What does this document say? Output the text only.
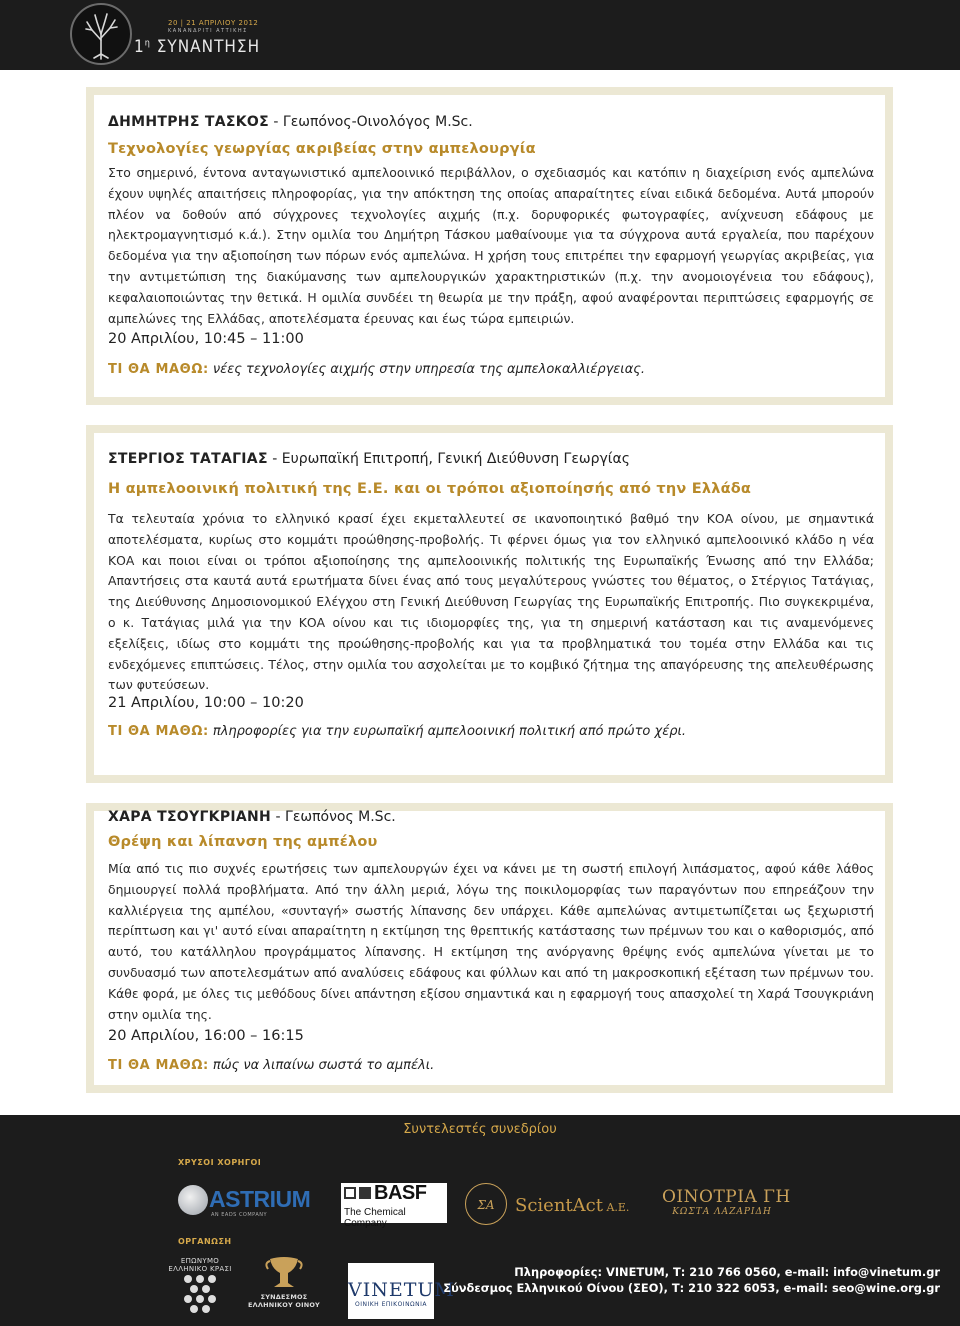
20 | 21 ΑΠΡΙΛΙΟΥ 2012
ΚΑΝΑΝΔΡΙΤΙ ΑΤΤΙΚΗΣ
$1^\eta$ ΣΥΝΑΝΤΗΣΗ
ΔΗΜΗΤΡΗΣ ΤΑΣΚΟΣ - Γεωπόνος-Οινολόγος M.Sc.
Τεχνολογίες γεωργίας ακριβείας στην αμπελουργία

Στο σημερινό, έντονα ανταγωνιστικό αμπελοοινικό περιβάλλον, ο σχεδιασμός και κατόπιν η διαχείριση ενός αμπελώνα έχουν υψηλές απαιτήσεις πληροφορίας, για την απόκτηση της οποίας απαραίτητες είναι ειδικά δεδομένα. Αυτά μπορούν πλέον να δοθούν από σύγχρονες τεχνολογίες αιχμής (π.χ. δορυφορικές φωτογραφίες, ανίχνευση εδάφους με ηλεκτρομαγνητισμό κ.ά.). Στην ομιλία του Δημήτρη Τάσκου μαθαίνουμε για τα σύγχρονα αυτά εργαλεία, που παρέχουν δεδομένα για την αξιοποίηση των πόρων ενός αμπελώνα. Η χρήση τους επιτρέπει την εφαρμογή γεωργίας ακριβείας, για την αντιμετώπιση της διακύμανσης των αμπελουργικών χαρακτηριστικών (π.χ. την ανομοιογένεια του εδάφους), κεφαλαιοποιώντας την θετικά. Η ομιλία συνδέει τη θεωρία με την πράξη, αφού αναφέρονται περιπτώσεις εφαρμογής σε αμπελώνες της Ελλάδας, αποτελέσματα έρευνας και έως τώρα εμπειριών.

20 Απριλίου, 10:45 – 11:00
ΤΙ ΘΑ ΜΑΘΩ: νέες τεχνολογίες αιχμής στην υπηρεσία της αμπελοκαλλιέργειας.
ΣΤΕΡΓΙΟΣ ΤΑΤΑΓΙΑΣ - Ευρωπαϊκή Επιτροπή, Γενική Διεύθυνση Γεωργίας
Η αμπελοοινική πολιτική της Ε.Ε. και οι τρόποι αξιοποίησής από την Ελλάδα

Τα τελευταία χρόνια το ελληνικό κρασί έχει εκμεταλλευτεί σε ικανοποιητικό βαθμό την ΚΟΑ οίνου, με σημαντικά αποτελέσματα, κυρίως στο κομμάτι προώθησης-προβολής. Τι φέρνει όμως για τον ελληνικό αμπελοοινικό κλάδο η νέα ΚΟΑ και ποιοι είναι οι τρόποι αξιοποίησης της αμπελοοινικής πολιτικής της Ευρωπαϊκής Ένωσης από την Ελλάδα; Απαντήσεις στα καυτά αυτά ερωτήματα δίνει ένας από τους μεγαλύτερους γνώστες του θέματος, ο Στέργιος Τατάγιας, της Διεύθυνσης Δημοσιονομικού Ελέγχου στη Γενική Διεύθυνση Γεωργίας της Ευρωπαϊκής Επιτροπής. Πιο συγκεκριμένα, ο κ. Τατάγιας μιλά για την ΚΟΑ οίνου και τις ιδιομορφίες της, για τη σημερινή κατάσταση και τις αναμενόμενες εξελίξεις, ιδίως στο κομμάτι της προώθησης-προβολής και για τα προβληματικά του τομέα στην Ελλάδα και τις ενδεχόμενες επιπτώσεις. Τέλος, στην ομιλία του ασχολείται με το κομβικό ζήτημα της απαγόρευσης της απελευθέρωσης των φυτεύσεων.

21 Απριλίου, 10:00 – 10:20
ΤΙ ΘΑ ΜΑΘΩ: πληροφορίες για την ευρωπαϊκή αμπελοοινική πολιτική από πρώτο χέρι.
ΧΑΡΑ ΤΣΟΥΓΚΡΙΑΝΗ - Γεωπόνος M.Sc.
Θρέψη και λίπανση της αμπέλου

Μία από τις πιο συχνές ερωτήσεις των αμπελουργών έχει να κάνει με τη σωστή επιλογή λιπάσματος, αφού κάθε λάθος δημιουργεί πολλά προβλήματα. Από την άλλη μεριά, λόγω της ποικιλομορφίας των παραγόντων που επηρεάζουν την καλλιέργεια της αμπέλου, «συνταγή» σωστής λίπανσης δεν υπάρχει. Κάθε αμπελώνας αντιμετωπίζεται ως ξεχωριστή περίπτωση και γι' αυτό είναι απαραίτητη η εκτίμηση της θρεπτικής κατάστασης των πρέμνων του και ο καθορισμός, από αυτό, του κατάλληλου προγράμματος λίπανσης. Η εκτίμηση της ανόργανης θρέψης ενός αμπελώνα γίνεται με το συνδυασμό των αποτελεσμάτων από αναλύσεις εδάφους και φύλλων και από τη μακροσκοπική εξέταση των πρέμνων του. Κάθε φορά, με όλες τις μεθόδους δίνει απάντηση εξίσου σημαντικά και η εφαρμογή τους απασχολεί τη Χαρά Τσουγκριάνη στην ομιλία της.

20 Απριλίου, 16:00 – 16:15
ΤΙ ΘΑ ΜΑΘΩ: πώς να λιπαίνω σωστά το αμπέλι.
Συντελεστές συνεδρίου
ΧΡΥΣΟΙ ΧΟΡΗΓΟΙ
ASTRIUM
AN EADS COMPANY
BASF
The Chemical Company
ΣΑ	ScientAct A.E.
ΟΙΝΟΤΡΙΑ ΓΗ
ΚΩΣΤΑ ΛΑΖΑΡΙΔΗ
ΟΡΓΑΝΩΣΗ
ΕΠΩΝΥΜΟ ΕΛΛΗΝΙΚΟ ΚΡΑΣΙ
ΣΥΝΔΕΣΜΟΣ ΕΛΛΗΝΙΚΟΥ ΟΙΝΟΥ
VINETUM
ΟΙΝΙΚΗ ΕΠΙΚΟΙΝΩΝΙΑ
Πληροφορίες: VINETUM, Τ: 210 766 0560, e-mail: info@vinetum.gr
Σύνδεσμος Ελληνικού Οίνου (ΣΕΟ), Τ: 210 322 6053, e-mail: seo@wine.org.gr
